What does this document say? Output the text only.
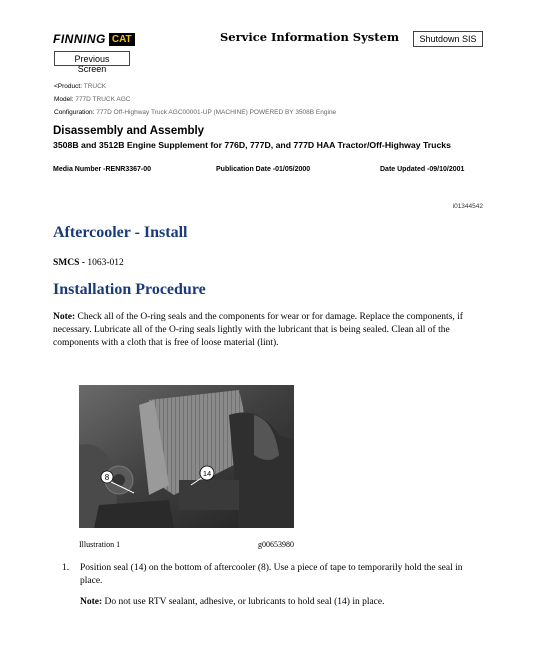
FINNING CAT	Service Information System	Shutdown SIS
Previous Screen
<Product: TRUCK
Model: 777D TRUCK AGC
Configuration: 777D Off-Highway Truck AGC00001-UP (MACHINE) POWERED BY 3508B Engine
Disassembly and Assembly
3508B and 3512B Engine Supplement for 776D, 777D, and 777D HAA Tractor/Off-Highway Trucks
Media Number -RENR3367-00	Publication Date -01/05/2000	Date Updated -09/10/2001
i01344542
Aftercooler - Install
SMCS - 1063-012
Installation Procedure
Note: Check all of the O-ring seals and the components for wear or for damage. Replace the components, if necessary. Lubricate all of the O-ring seals lightly with the lubricant that is being sealed. Clean all of the components with a cloth that is free of loose material (lint).
8	14
Illustration 1	g00653980
1. Position seal (14) on the bottom of aftercooler (8). Use a piece of tape to temporarily hold the seal in place.
Note: Do not use RTV sealant, adhesive, or lubricants to hold seal (14) in place.
